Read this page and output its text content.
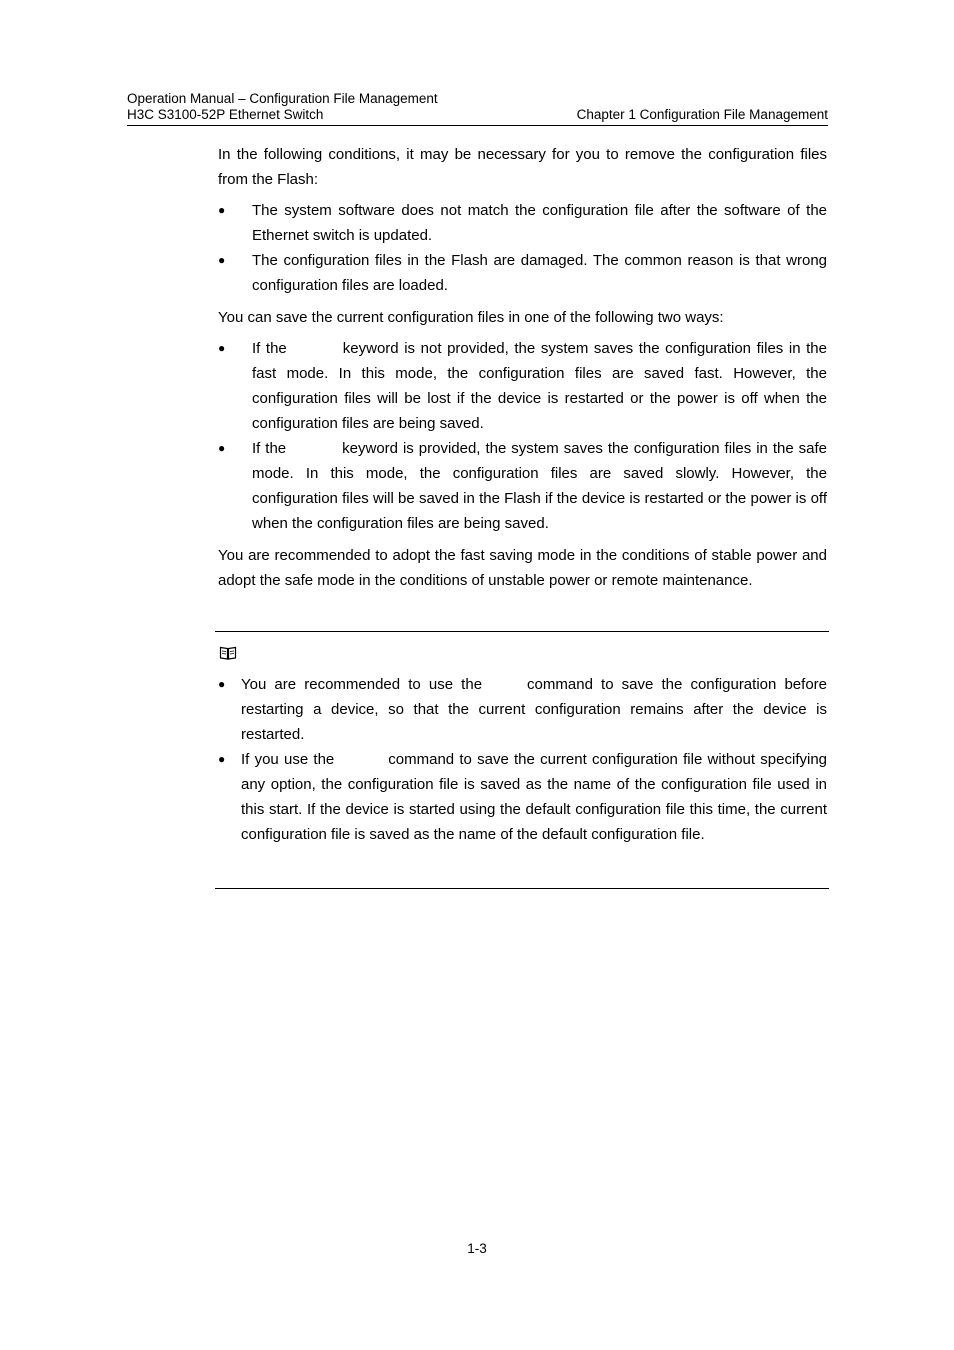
Operation Manual – Configuration File Management
H3C S3100-52P Ethernet Switch	Chapter 1 Configuration File Management
In the following conditions, it may be necessary for you to remove the configuration files from the Flash:
● The system software does not match the configuration file after the software of the Ethernet switch is updated.
● The configuration files in the Flash are damaged. The common reason is that wrong configuration files are loaded.
You can save the current configuration files in one of the following two ways:
● If the	keyword is not provided, the system saves the configuration files in the fast mode. In this mode, the configuration files are saved fast. However, the configuration files will be lost if the device is restarted or the power is off when the configuration files are being saved.
● If the	keyword is provided, the system saves the configuration files in the safe mode. In this mode, the configuration files are saved slowly. However, the configuration files will be saved in the Flash if the device is restarted or the power is off when the configuration files are being saved.
You are recommended to adopt the fast saving mode in the conditions of stable power and adopt the safe mode in the conditions of unstable power or remote maintenance.
● You are recommended to use the	command to save the configuration before restarting a device, so that the current configuration remains after the device is restarted.
● If you use the	command to save the current configuration file without specifying any option, the configuration file is saved as the name of the configuration file used in this start. If the device is started using the default configuration file this time, the current configuration file is saved as the name of the default configuration file.
1-3
